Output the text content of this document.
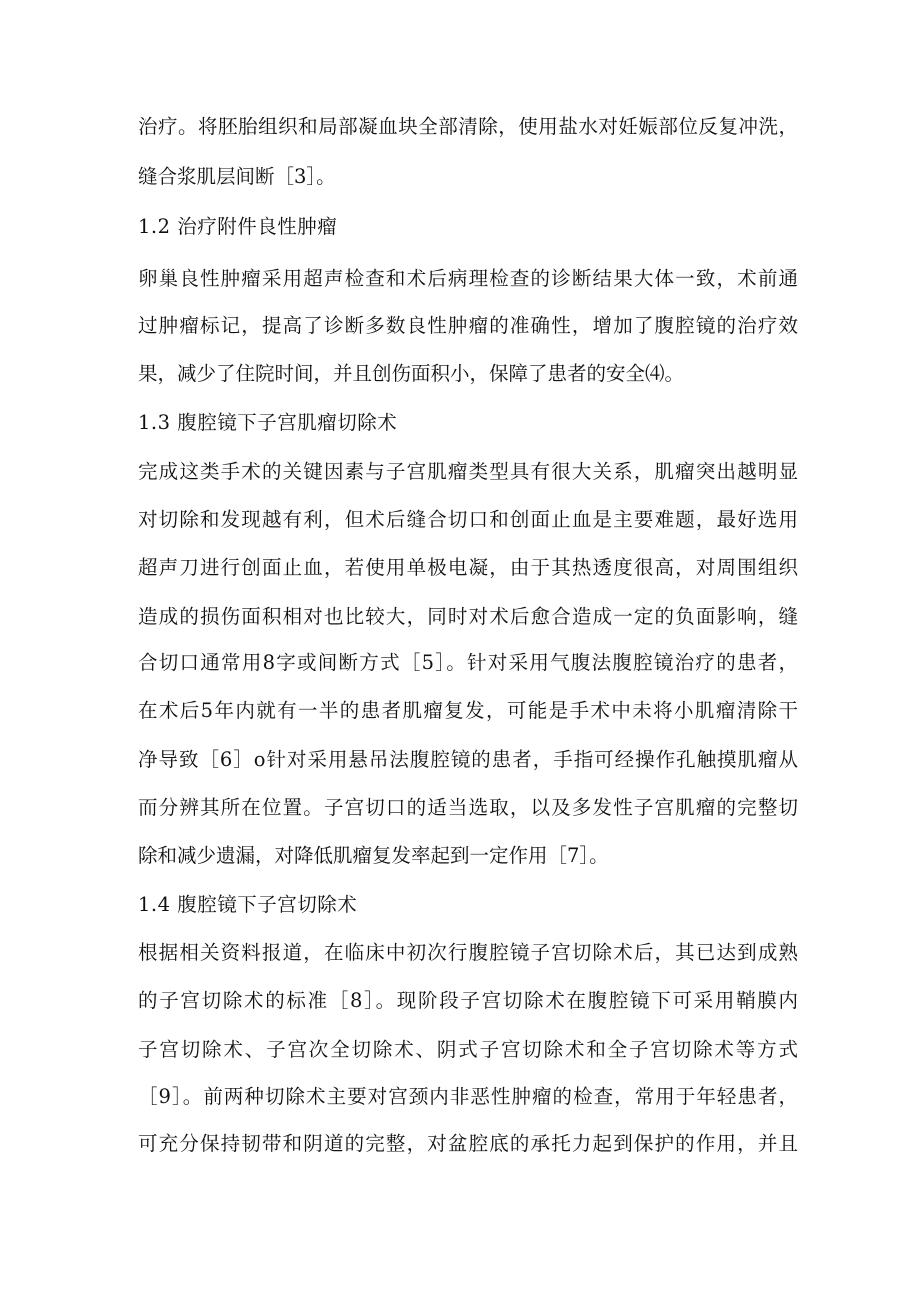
治疗。将胚胎组织和局部凝血块全部清除，使用盐水对妊娠部位反复冲洗，
缝合浆肌层间断［3］。
1.2 治疗附件良性肿瘤
卵巢良性肿瘤采用超声检查和术后病理检查的诊断结果大体一致，术前通
过肿瘤标记，提高了诊断多数良性肿瘤的准确性，增加了腹腔镜的治疗效
果，减少了住院时间，并且创伤面积小，保障了患者的安全⑷。
1.3 腹腔镜下子宫肌瘤切除术
完成这类手术的关键因素与子宫肌瘤类型具有很大关系，肌瘤突出越明显
对切除和发现越有利，但术后缝合切口和创面止血是主要难题，最好选用
超声刀进行创面止血，若使用单极电凝，由于其热透度很高，对周围组织
造成的损伤面积相对也比较大，同时对术后愈合造成一定的负面影响，缝
合切口通常用8字或间断方式［5］。针对采用气腹法腹腔镜治疗的患者，
在术后5年内就有一半的患者肌瘤复发，可能是手术中未将小肌瘤清除干
净导致［6］o针对采用悬吊法腹腔镜的患者，手指可经操作孔触摸肌瘤从
而分辨其所在位置。子宫切口的适当选取，以及多发性子宫肌瘤的完整切
除和减少遗漏，对降低肌瘤复发率起到一定作用［7］。
1.4 腹腔镜下子宫切除术
根据相关资料报道，在临床中初次行腹腔镜子宫切除术后，其已达到成熟
的子宫切除术的标准［8］。现阶段子宫切除术在腹腔镜下可采用鞘膜内
子宫切除术、子宫次全切除术、阴式子宫切除术和全子宫切除术等方式
［9］。前两种切除术主要对宫颈内非恶性肿瘤的检查，常用于年轻患者，
可充分保持韧带和阴道的完整，对盆腔底的承托力起到保护的作用，并且
